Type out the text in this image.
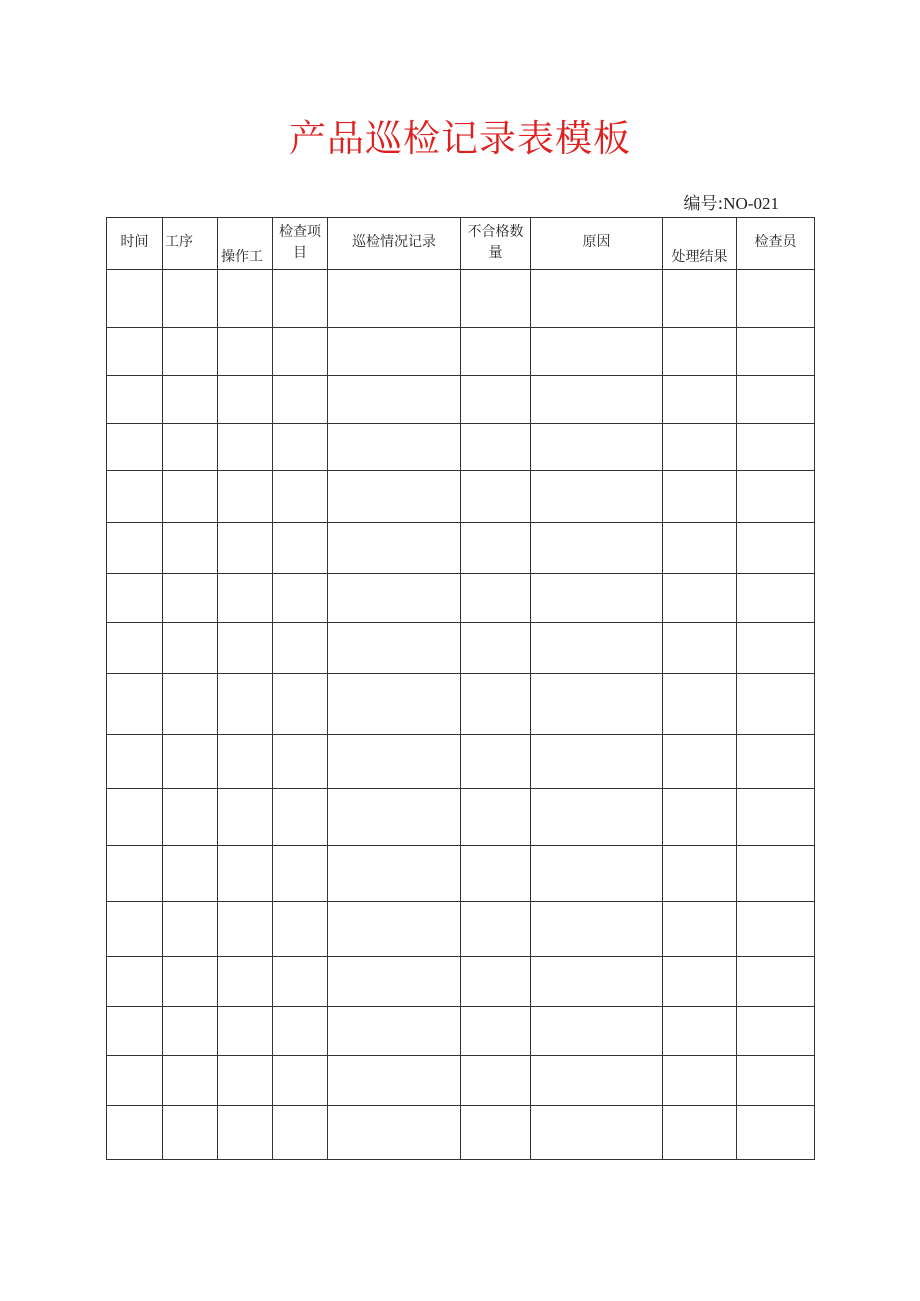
产品巡检记录表模板
编号:NO-021
时间	工序	操作工	检查项目	巡检情况记录	不合格数量	原因	处理结果	检查员
